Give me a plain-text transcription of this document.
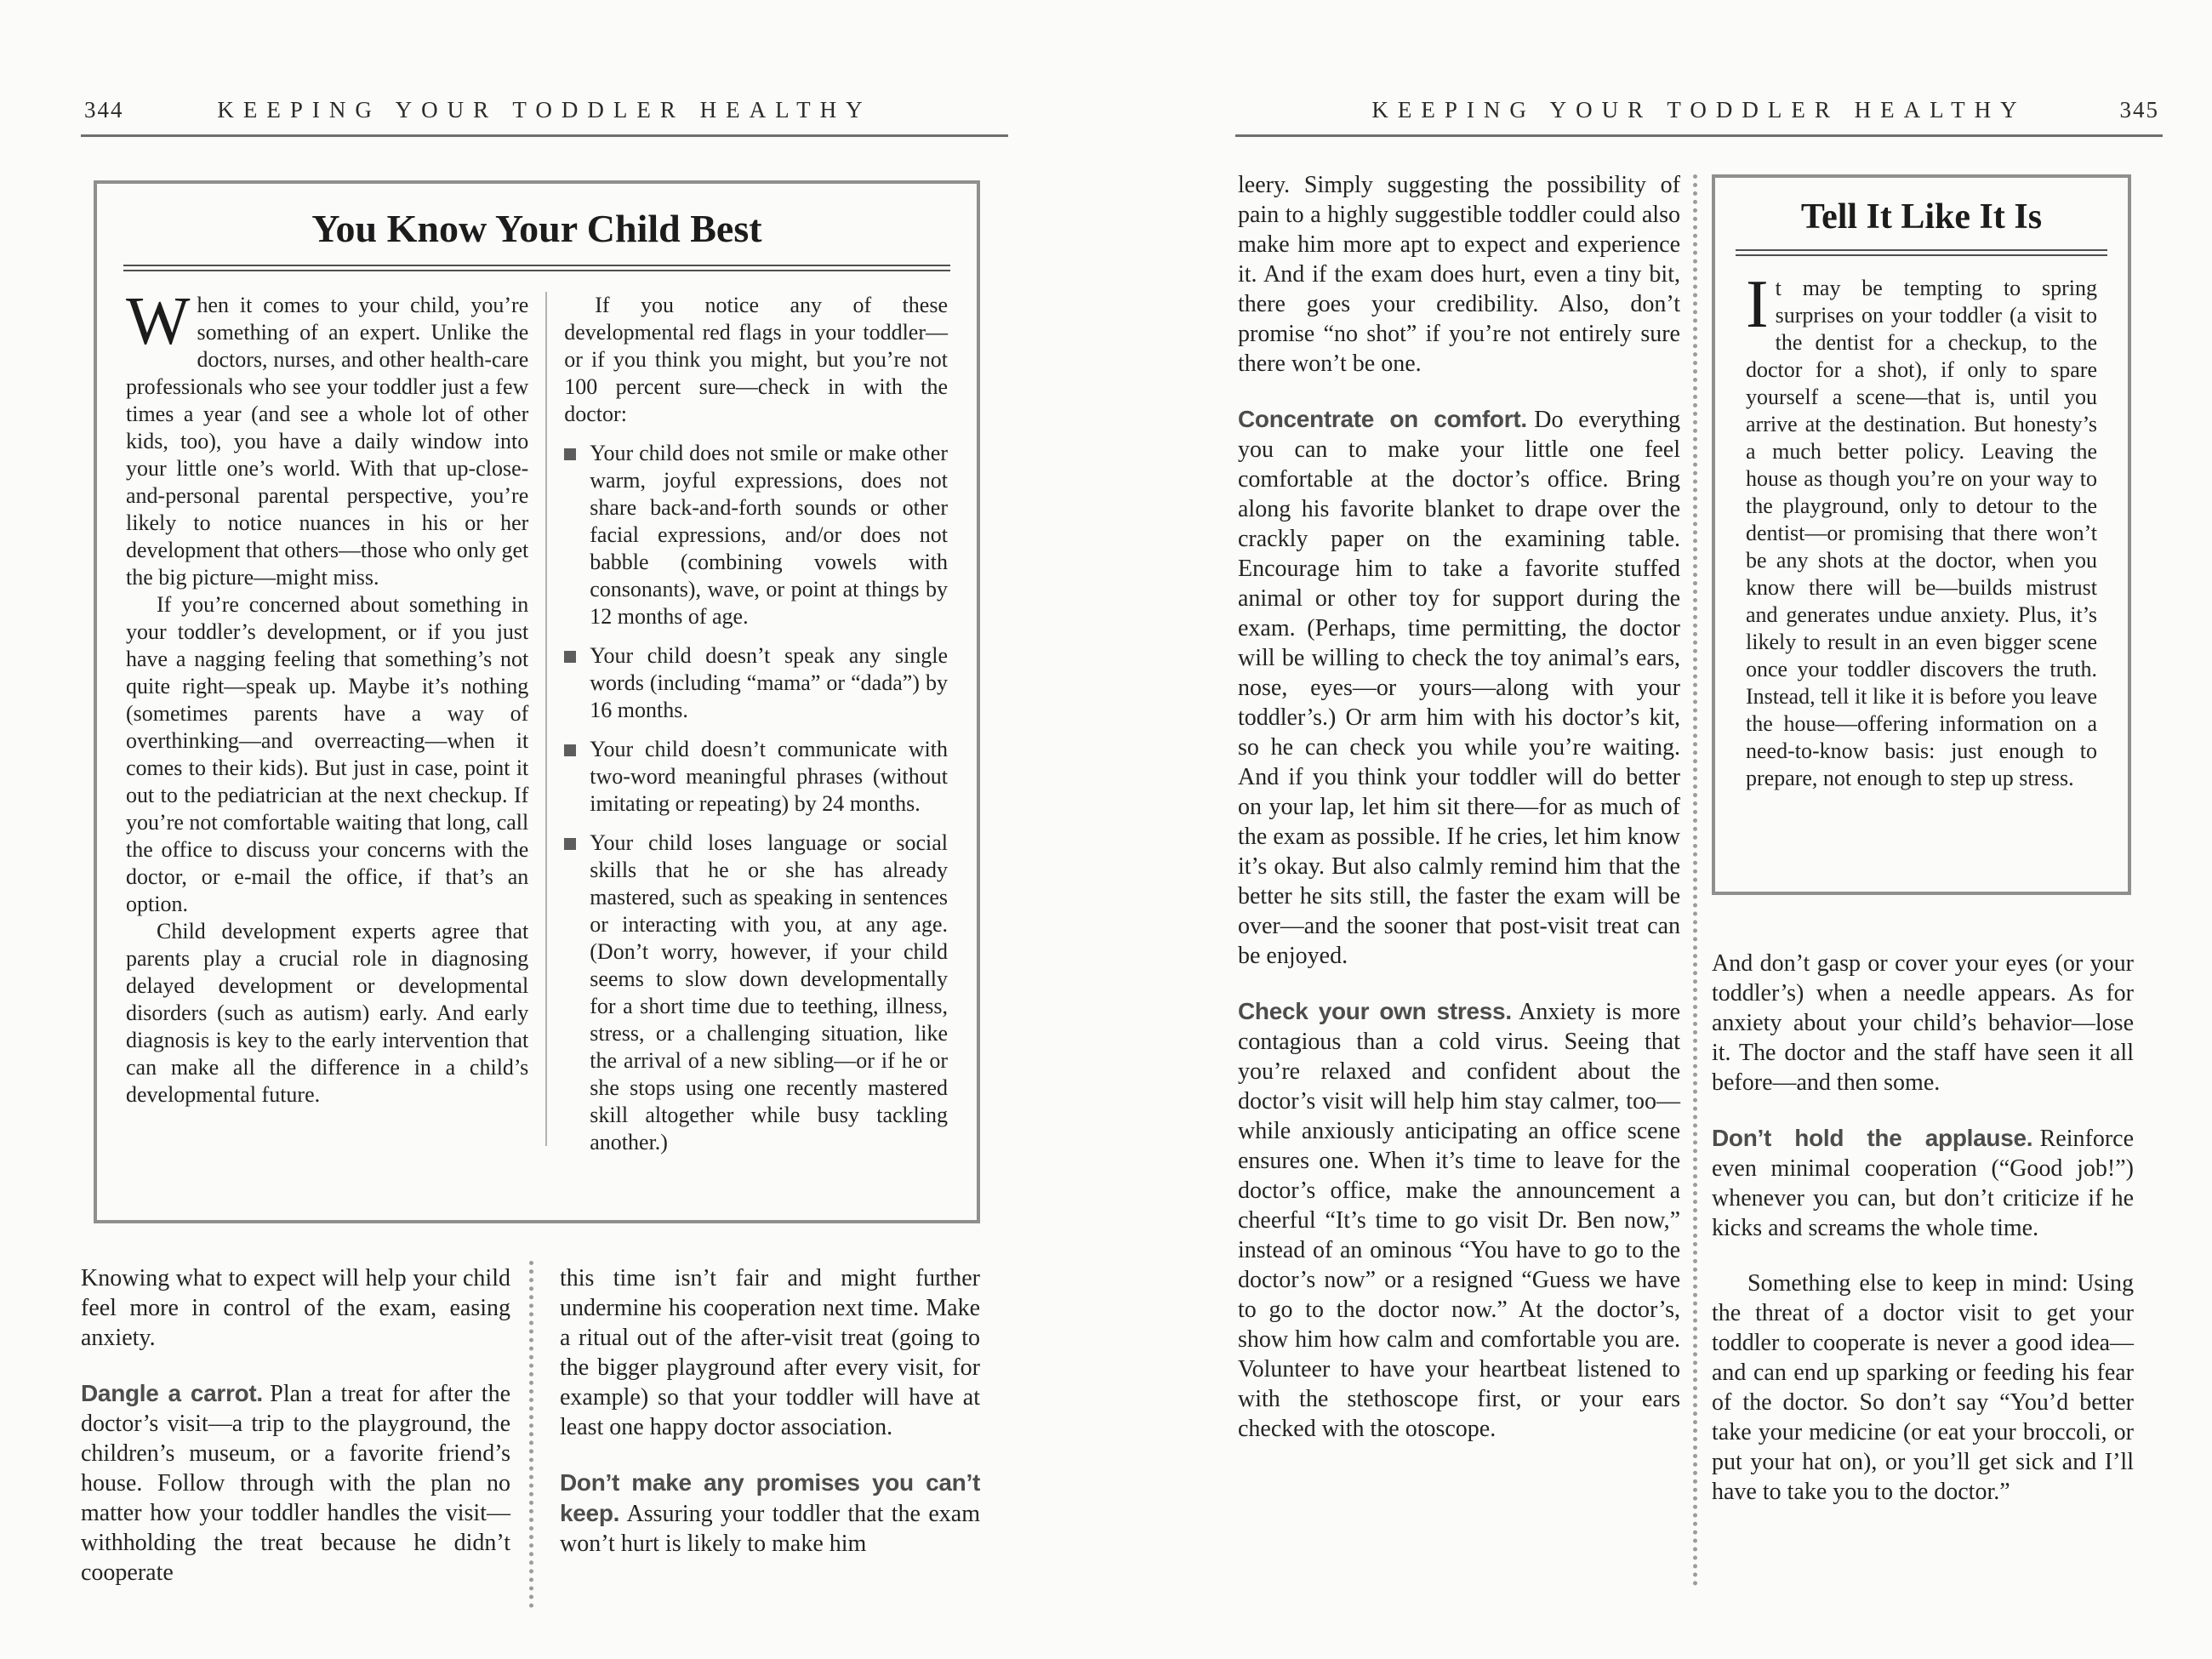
344	KEEPING YOUR TODDLER HEALTHY
You Know Your Child Best

When it comes to your child, you’re something of an expert. Unlike the doctors, nurses, and other health-care professionals who see your toddler just a few times a year (and see a whole lot of other kids, too), you have a daily window into your little one’s world. With that up-close-and-personal parental perspective, you’re likely to notice nuances in his or her development that others—those who only get the big picture—might miss.

If you’re concerned about something in your toddler’s development, or if you just have a nagging feeling that something’s not quite right—speak up. Maybe it’s nothing (sometimes parents have a way of overthinking—and overreacting—when it comes to their kids). But just in case, point it out to the pediatrician at the next checkup. If you’re not comfortable waiting that long, call the office to discuss your concerns with the doctor, or e-mail the office, if that’s an option.

Child development experts agree that parents play a crucial role in diagnosing delayed development or developmental disorders (such as autism) early. And early diagnosis is key to the early intervention that can make all the difference in a child’s developmental future.

If you notice any of these developmental red flags in your toddler—or if you think you might, but you’re not 100 percent sure—check in with the doctor:

Your child does not smile or make other warm, joyful expressions, does not share back-and-forth sounds or other facial expressions, and/or does not babble (combining vowels with consonants), wave, or point at things by 12 months of age.
Your child doesn’t speak any single words (including “mama” or “dada”) by 16 months.
Your child doesn’t communicate with two-word meaningful phrases (without imitating or repeating) by 24 months.
Your child loses language or social skills that he or she has already mastered, such as speaking in sentences or interacting with you, at any age. (Don’t worry, however, if your child seems to slow down developmentally for a short time due to teething, illness, stress, or a challenging situation, like the arrival of a new sibling—or if he or she stops using one recently mastered skill altogether while busy tackling another.)

Knowing what to expect will help your child feel more in control of the exam, easing anxiety.

Dangle a carrot. Plan a treat for after the doctor’s visit—a trip to the playground, the children’s museum, or a favorite friend’s house. Follow through with the plan no matter how your toddler handles the visit—withholding the treat because he didn’t cooperate

this time isn’t fair and might further undermine his cooperation next time. Make a ritual out of the after-visit treat (going to the bigger playground after every visit, for example) so that your toddler will have at least one happy doctor association.

Don’t make any promises you can’t keep. Assuring your toddler that the exam won’t hurt is likely to make him

KEEPING YOUR TODDLER HEALTHY	345

leery. Simply suggesting the possibility of pain to a highly suggestible toddler could also make him more apt to expect and experience it. And if the exam does hurt, even a tiny bit, there goes your credibility. Also, don’t promise “no shot” if you’re not entirely sure there won’t be one.

Concentrate on comfort. Do everything you can to make your little one feel comfortable at the doctor’s office. Bring along his favorite blanket to drape over the crackly paper on the examining table. Encourage him to take a favorite stuffed animal or other toy for support during the exam. (Perhaps, time permitting, the doctor will be willing to check the toy animal’s ears, nose, eyes—or yours—along with your toddler’s.) Or arm him with his doctor’s kit, so he can check you while you’re waiting. And if you think your toddler will do better on your lap, let him sit there—for as much of the exam as possible. If he cries, let him know it’s okay. But also calmly remind him that the better he sits still, the faster the exam will be over—and the sooner that post-visit treat can be enjoyed.

Check your own stress. Anxiety is more contagious than a cold virus. Seeing that you’re relaxed and confident about the doctor’s visit will help him stay calmer, too—while anxiously anticipating an office scene ensures one. When it’s time to leave for the doctor’s office, make the announcement a cheerful “It’s time to go visit Dr. Ben now,” instead of an ominous “You have to go to the doctor’s now” or a resigned “Guess we have to go to the doctor now.” At the doctor’s, show him how calm and comfortable you are. Volunteer to have your heartbeat listened to with the stethoscope first, or your ears checked with the otoscope.

Tell It Like It Is

It may be tempting to spring surprises on your toddler (a visit to the dentist for a checkup, to the doctor for a shot), if only to spare yourself a scene—that is, until you arrive at the destination. But honesty’s a much better policy. Leaving the house as though you’re on your way to the playground, only to detour to the dentist—or promising that there won’t be any shots at the doctor, when you know there will be—builds mistrust and generates undue anxiety. Plus, it’s likely to result in an even bigger scene once your toddler discovers the truth. Instead, tell it like it is before you leave the house—offering information on a need-to-know basis: just enough to prepare, not enough to step up stress.

And don’t gasp or cover your eyes (or your toddler’s) when a needle appears. As for anxiety about your child’s behavior—lose it. The doctor and the staff have seen it all before—and then some.

Don’t hold the applause. Reinforce even minimal cooperation (“Good job!”) whenever you can, but don’t criticize if he kicks and screams the whole time.

Something else to keep in mind: Using the threat of a doctor visit to get your toddler to cooperate is never a good idea—and can end up sparking or feeding his fear of the doctor. So don’t say “You’d better take your medicine (or eat your broccoli, or put your hat on), or you’ll get sick and I’ll have to take you to the doctor.”
